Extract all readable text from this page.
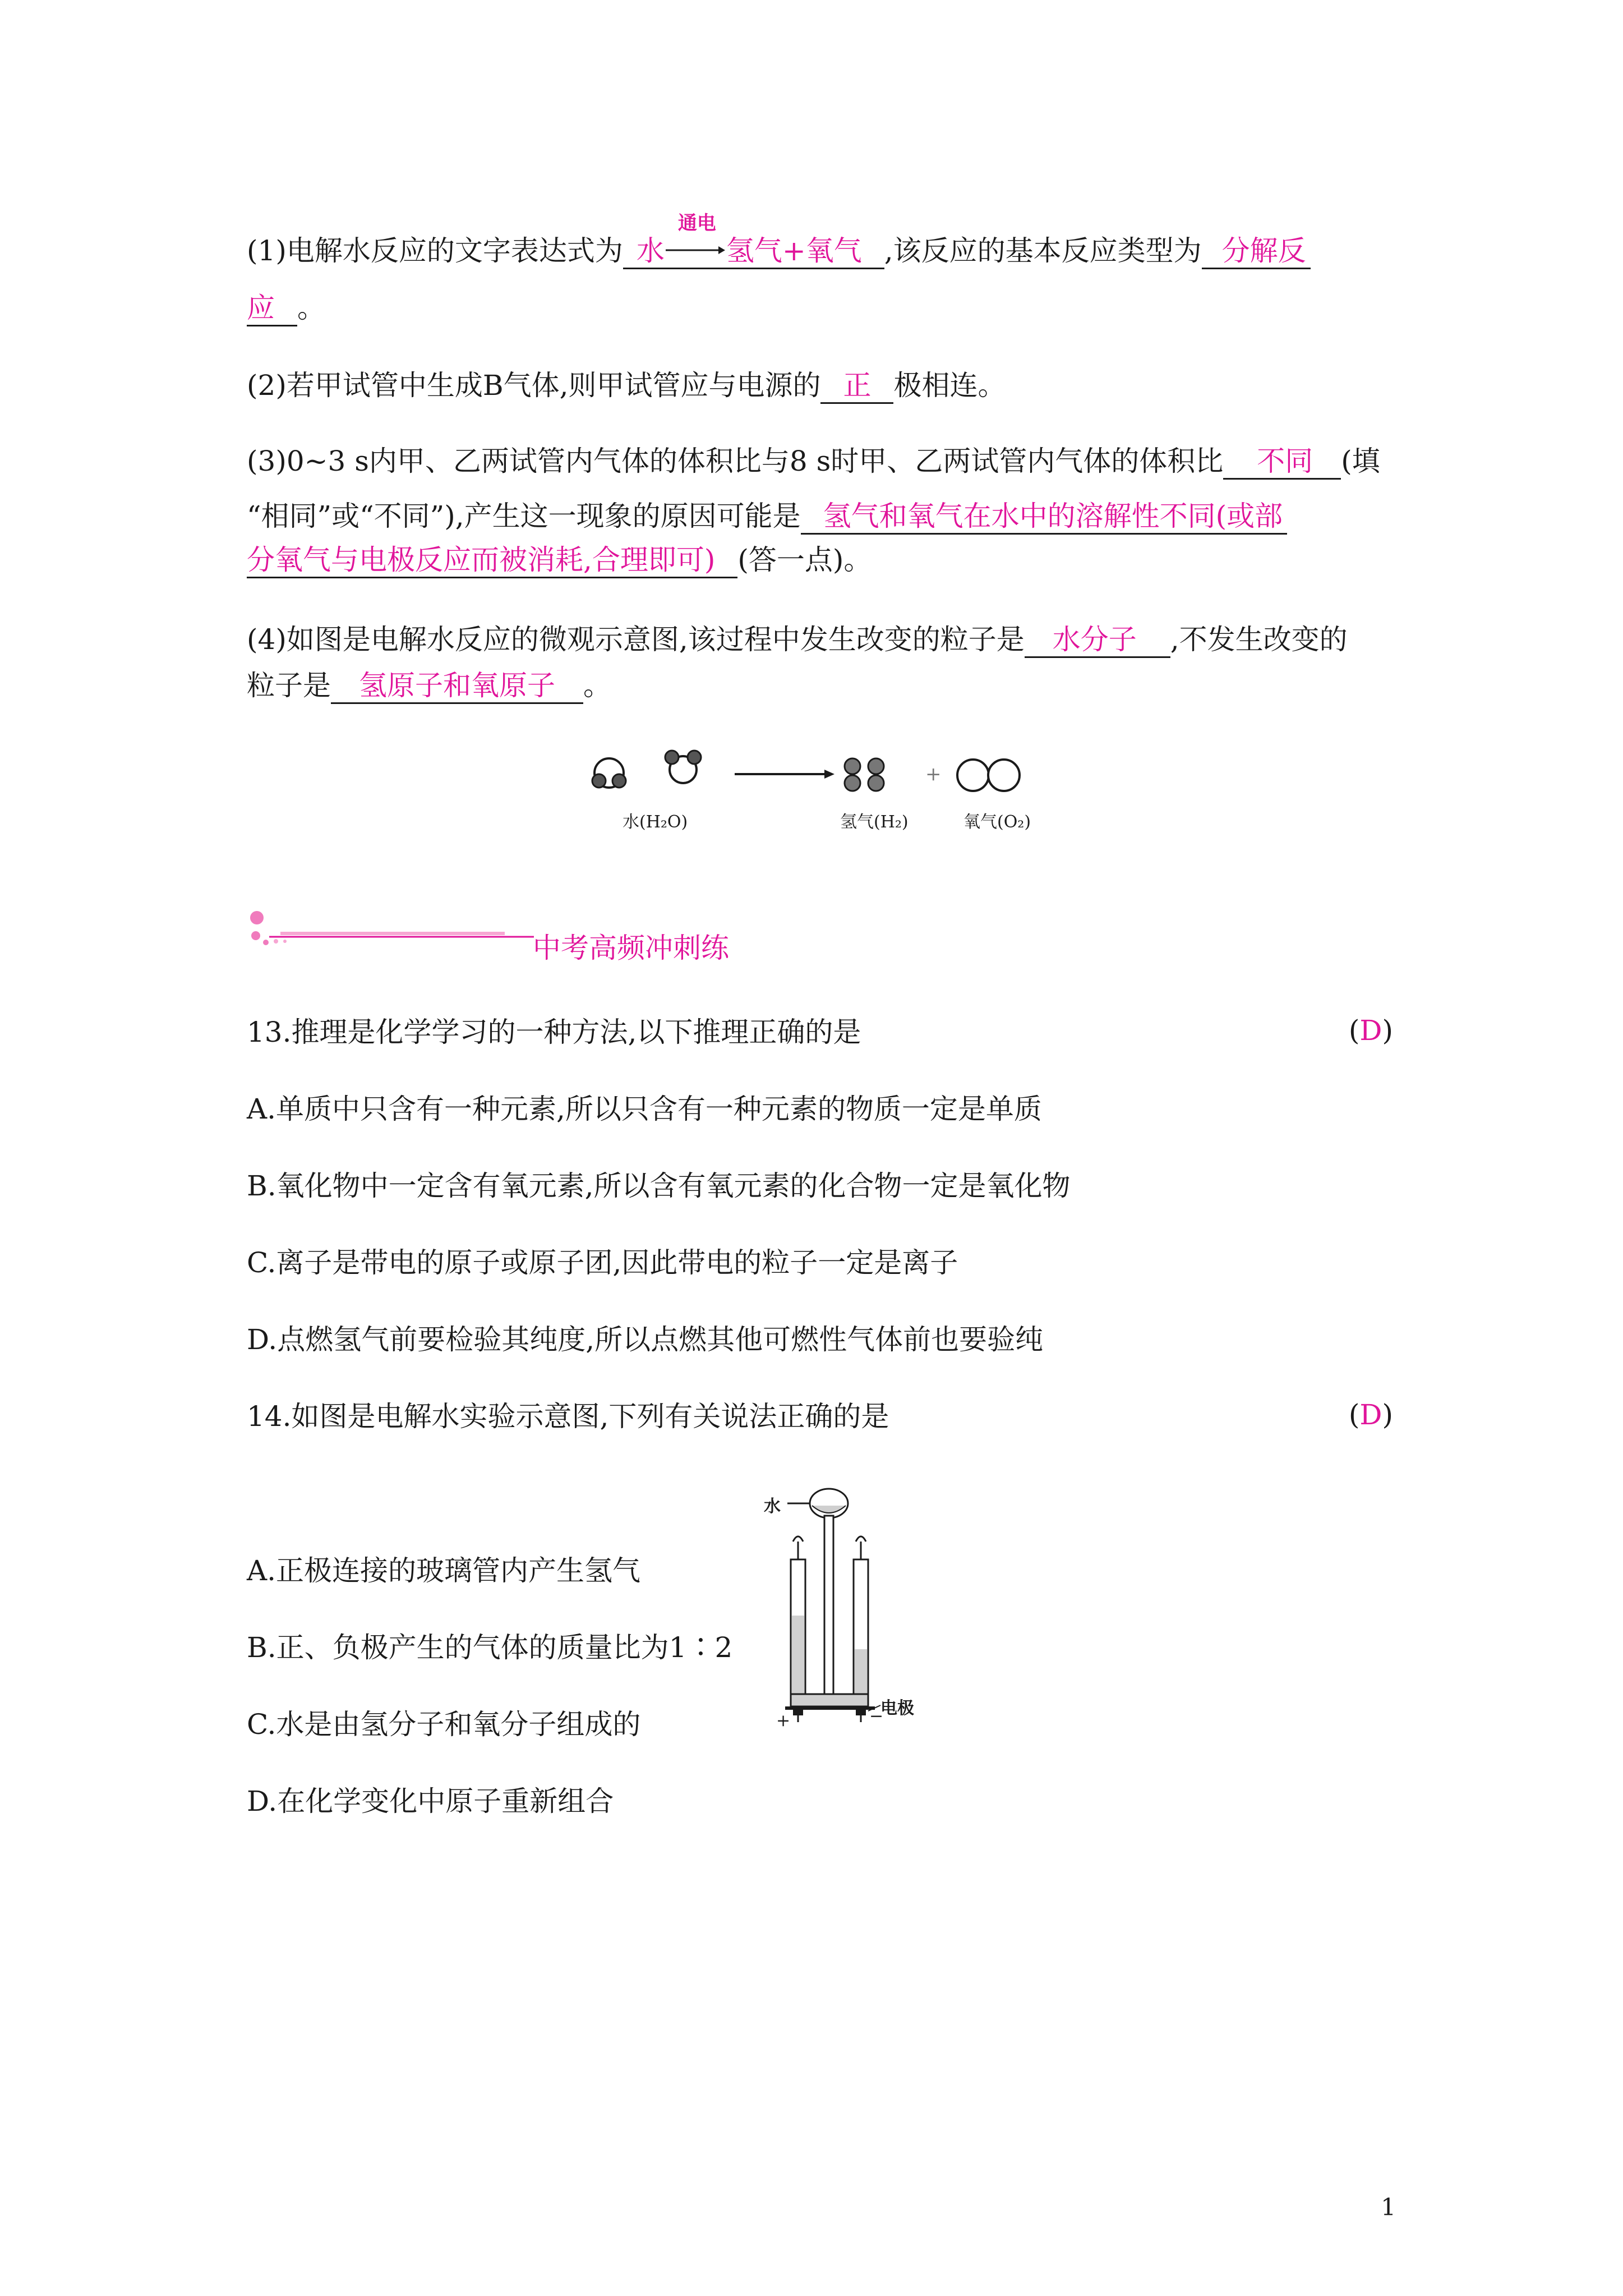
(1)电解水反应的文字表达式为 水
通电
氢气+氧气 ,该反应的基本反应类型为 分解反
应 。
(2)若甲试管中生成B气体,则甲试管应与电源的 正 极相连。
(3)0~3 s内甲、乙两试管内气体的体积比与8 s时甲、乙两试管内气体的体积比 不同 (填
“相同”或“不同”),产生这一现象的原因可能是 氢气和氧气在水中的溶解性不同(或部
分氧气与电极反应而被消耗,合理即可) (答一点)。
(4)如图是电解水反应的微观示意图,该过程中发生改变的粒子是 水分子 ,不发生改变的
粒子是 氢原子和氧原子 。
水(H₂O)
+
氢气(H₂)	氧气(O₂)
中考高频冲刺练
13.推理是化学学习的一种方法,以下推理正确的是	(D)
A.单质中只含有一种元素,所以只含有一种元素的物质一定是单质
B.氧化物中一定含有氧元素,所以含有氧元素的化合物一定是氧化物
C.离子是带电的原子或原子团,因此带电的粒子一定是离子
D.点燃氢气前要检验其纯度,所以点燃其他可燃性气体前也要验纯
14.如图是电解水实验示意图,下列有关说法正确的是	(D)
A.正极连接的玻璃管内产生氢气
B.正、负极产生的气体的质量比为1∶2
C.水是由氢分子和氧分子组成的
D.在化学变化中原子重新组合
水
电极
+	−
1
